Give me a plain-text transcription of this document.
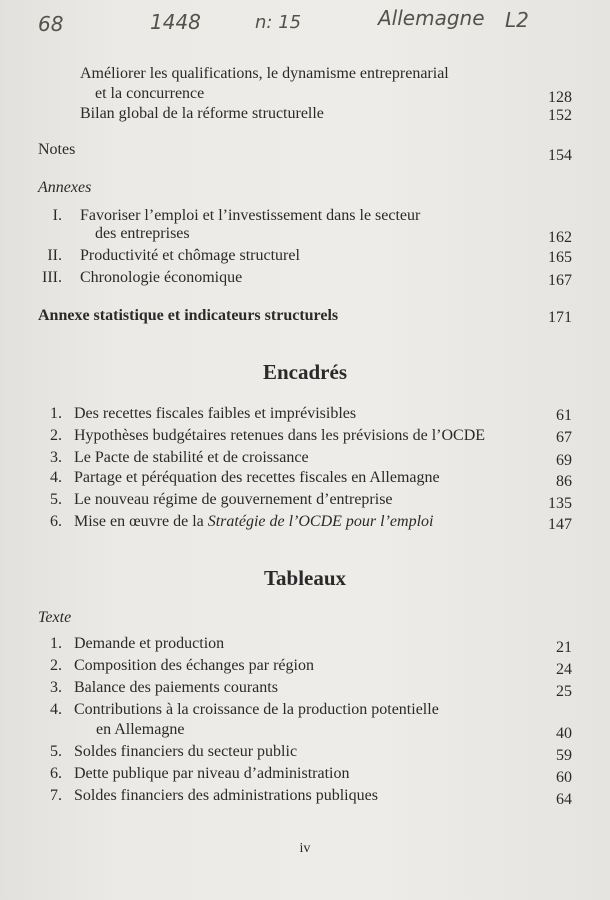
68	1448	n: 15	Allemagne L2
Améliorer les qualifications, le dynamisme entreprenarial
et la concurrence	128
Bilan global de la réforme structurelle	152
Notes	154
Annexes
I. Favoriser l’emploi et l’investissement dans le secteur
des entreprises	162
II. Productivité et chômage structurel	165
III. Chronologie économique	167
Annexe statistique et indicateurs structurels	171
Encadrés
1. Des recettes fiscales faibles et imprévisibles	61
2. Hypothèses budgétaires retenues dans les prévisions de l’OCDE	67
3. Le Pacte de stabilité et de croissance	69
4. Partage et péréquation des recettes fiscales en Allemagne	86
5. Le nouveau régime de gouvernement d’entreprise	135
6. Mise en œuvre de la Stratégie de l’OCDE pour l’emploi	147
Tableaux
Texte
1. Demande et production	21
2. Composition des échanges par région	24
3. Balance des paiements courants	25
4. Contributions à la croissance de la production potentielle
en Allemagne	40
5. Soldes financiers du secteur public	59
6. Dette publique par niveau d’administration	60
7. Soldes financiers des administrations publiques	64
iv
